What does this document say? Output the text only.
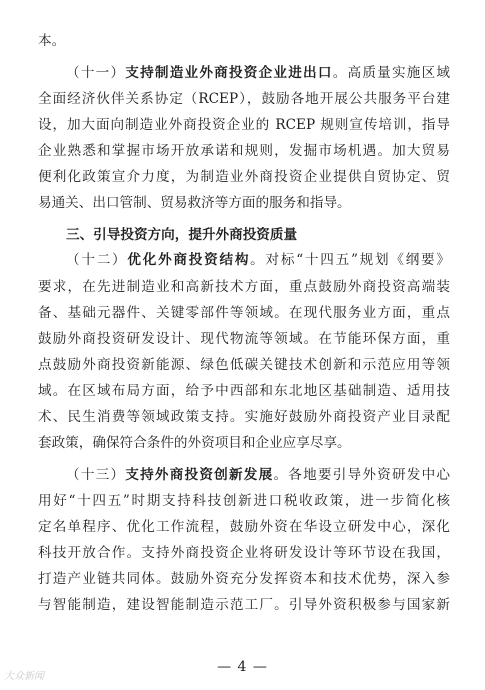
本。
（十一）支持制造业外商投资企业进出口。高质量实施区域
全面经济伙伴关系协定（RCEP），鼓励各地开展公共服务平台建
设，加大面向制造业外商投资企业的 RCEP 规则宣传培训，指导
企业熟悉和掌握市场开放承诺和规则，发掘市场机遇。加大贸易
便利化政策宣介力度，为制造业外商投资企业提供自贸协定、贸
易通关、出口管制、贸易救济等方面的服务和指导。
三、引导投资方向，提升外商投资质量
（十二）优化外商投资结构。对标“十四五”规划《纲要》
要求，在先进制造业和高新技术方面，重点鼓励外商投资高端装
备、基础元器件、关键零部件等领域。在现代服务业方面，重点
鼓励外商投资研发设计、现代物流等领域。在节能环保方面，重
点鼓励外商投资新能源、绿色低碳关键技术创新和示范应用等领
域。在区域布局方面，给予中西部和东北地区基础制造、适用技
术、民生消费等领域政策支持。实施好鼓励外商投资产业目录配
套政策，确保符合条件的外资项目和企业应享尽享。
（十三）支持外商投资创新发展。各地要引导外资研发中心
用好“十四五”时期支持科技创新进口税收政策，进一步简化核
定名单程序、优化工作流程，鼓励外资在华设立研发中心，深化
科技开放合作。支持外商投资企业将研发设计等环节设在我国，
打造产业链共同体。鼓励外资充分发挥资本和技术优势，深入参
与智能制造，建设智能制造示范工厂。引导外资积极参与国家新
— 4 —
大众新闻
